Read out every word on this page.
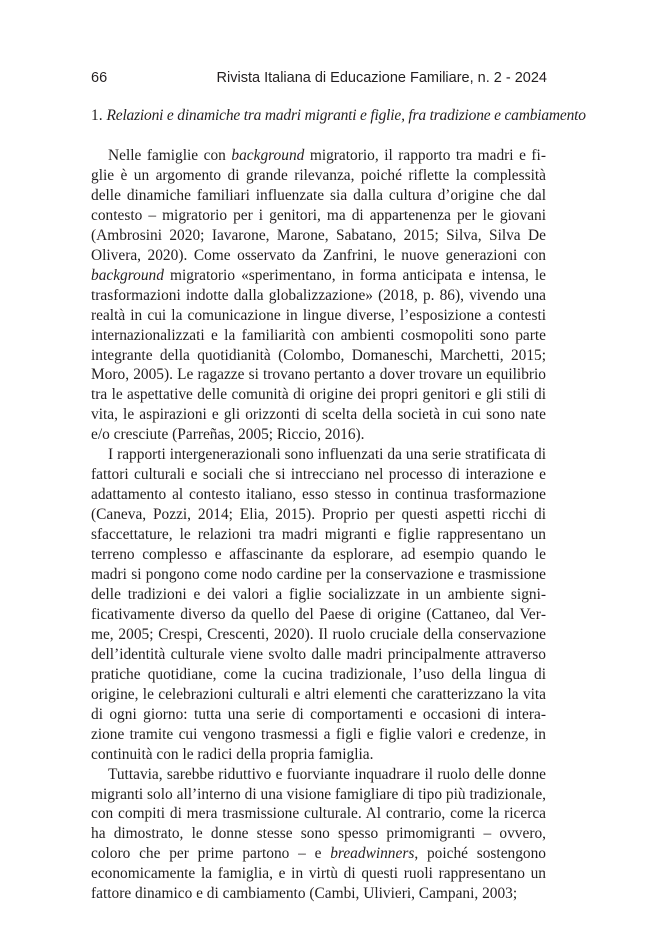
66	Rivista Italiana di Educazione Familiare, n. 2 - 2024
1. Relazioni e dinamiche tra madri migranti e figlie, fra tradizione e cambiamento

Nelle famiglie con background migratorio, il rapporto tra madri e figlie è un argomento di grande rilevanza, poiché riflette la complessità delle dinamiche familiari influenzate sia dalla cultura d’origine che dal contesto – migratorio per i genitori, ma di appartenenza per le giovani (Ambrosini 2020; Iavarone, Marone, Sabatano, 2015; Silva, Silva De Olivera, 2020). Come osservato da Zanfrini, le nuove generazioni con background migratorio «sperimentano, in forma anticipata e intensa, le trasformazioni indotte dalla globalizzazione» (2018, p. 86), vivendo una realtà in cui la comunicazione in lingue diverse, l’esposizione a contesti internazionalizzati e la familiarità con ambienti cosmopoliti sono parte integrante della quotidianità (Colombo, Domaneschi, Marchetti, 2015; Moro, 2005). Le ragazze si trovano pertanto a dover trovare un equilibrio tra le aspettative delle comunità di origine dei propri genitori e gli stili di vita, le aspirazioni e gli orizzonti di scelta della società in cui sono nate e/o cresciute (Parreñas, 2005; Riccio, 2016).

I rapporti intergenerazionali sono influenzati da una serie stratificata di fattori culturali e sociali che si intrecciano nel processo di interazione e adattamento al contesto italiano, esso stesso in continua trasformazione (Caneva, Pozzi, 2014; Elia, 2015). Proprio per questi aspetti ricchi di sfaccettature, le relazioni tra madri migranti e figlie rappresentano un terreno complesso e affascinante da esplorare, ad esempio quando le madri si pongono come nodo cardine per la conservazione e trasmissione delle tradizioni e dei valori a figlie socializzate in un ambiente significativamente diverso da quello del Paese di origine (Cattaneo, dal Verme, 2005; Crespi, Crescenti, 2020). Il ruolo cruciale della conservazione dell’identità culturale viene svolto dalle madri principalmente attraverso pratiche quotidiane, come la cucina tradizionale, l’uso della lingua di origine, le celebrazioni culturali e altri elementi che caratterizzano la vita di ogni giorno: tutta una serie di comportamenti e occasioni di interazione tramite cui vengono trasmessi a figli e figlie valori e credenze, in continuità con le radici della propria famiglia.

Tuttavia, sarebbe riduttivo e fuorviante inquadrare il ruolo delle donne migranti solo all’interno di una visione famigliare di tipo più tradizionale, con compiti di mera trasmissione culturale. Al contrario, come la ricerca ha dimostrato, le donne stesse sono spesso primomigranti – ovvero, coloro che per prime partono – e breadwinners, poiché sostengono economicamente la famiglia, e in virtù di questi ruoli rappresentano un fattore dinamico e di cambiamento (Cambi, Ulivieri, Campani, 2003;
